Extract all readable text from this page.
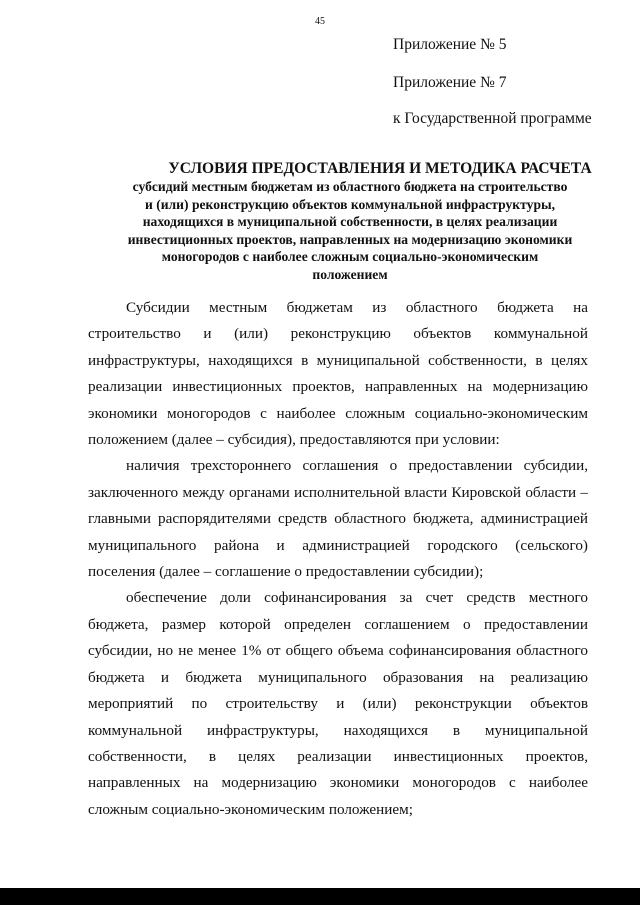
45
Приложение № 5
Приложение № 7
к Государственной программе
УСЛОВИЯ ПРЕДОСТАВЛЕНИЯ И МЕТОДИКА РАСЧЕТА
субсидий местным бюджетам из областного бюджета на строительство
и (или) реконструкцию объектов коммунальной инфраструктуры,
находящихся в муниципальной собственности, в целях реализации
инвестиционных проектов, направленных на модернизацию экономики
моногородов с наиболее сложным социально-экономическим
положением

Субсидии местным бюджетам из областного бюджета на строительство и (или) реконструкцию объектов коммунальной инфраструктуры, находящихся в муниципальной собственности, в целях реализации инвестиционных проектов, направленных на модернизацию экономики моногородов с наиболее сложным социально-экономическим положением (далее – субсидия), предоставляются при условии:

наличия трехстороннего соглашения о предоставлении субсидии, заключенного между органами исполнительной власти Кировской области – главными распорядителями средств областного бюджета, администрацией муниципального района и администрацией городского (сельского) поселения (далее – соглашение о предоставлении субсидии);

обеспечение доли софинансирования за счет средств местного бюджета, размер которой определен соглашением о предоставлении субсидии, но не менее 1% от общего объема софинансирования областного бюджета и бюджета муниципального образования на реализацию мероприятий по строительству и (или) реконструкции объектов коммунальной инфраструктуры, находящихся в муниципальной собственности, в целях реализации инвестиционных проектов, направленных на модернизацию экономики моногородов с наиболее сложным социально-экономическим положением;
